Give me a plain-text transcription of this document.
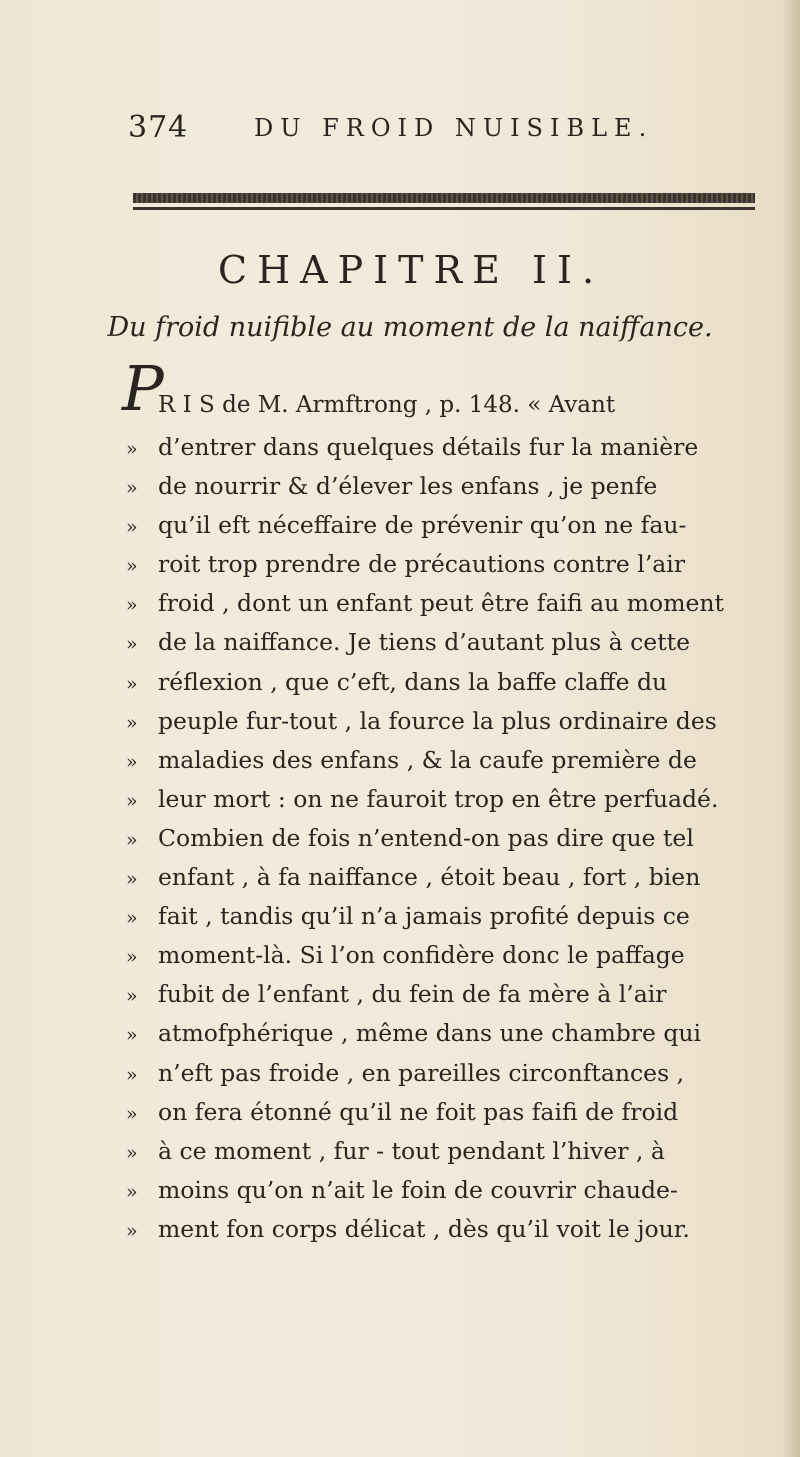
374	DU FROID NUISIBLE.
CHAPITRE II.
Du froid nuifible au moment de la naiffance.
P
R I S de M. Armftrong , p. 148. « Avant
» d’entrer dans quelques détails fur la manière
» de nourrir & d’élever les enfans , je penfe
» qu’il eft néceffaire de prévenir qu’on ne fau-
» roit trop prendre de précautions contre l’air
» froid , dont un enfant peut être faifi au moment
» de la naiffance. Je tiens d’autant plus à cette
» réflexion , que c’eft, dans la baffe claffe du
» peuple fur-tout , la fource la plus ordinaire des
» maladies des enfans , & la caufe première de
» leur mort : on ne fauroit trop en être perfuadé.
» Combien de fois n’entend-on pas dire que tel
» enfant , à fa naiffance , étoit beau , fort , bien
» fait , tandis qu’il n’a jamais profité depuis ce
» moment-là. Si l’on confidère donc le paffage
» fubit de l’enfant , du fein de fa mère à l’air
» atmofphérique , même dans une chambre qui
» n’eft pas froide , en pareilles circonftances ,
» on fera étonné qu’il ne foit pas faifi de froid
» à ce moment , fur - tout pendant l’hiver , à
» moins qu’on n’ait le foin de couvrir chaude-
» ment fon corps délicat , dès qu’il voit le jour.
